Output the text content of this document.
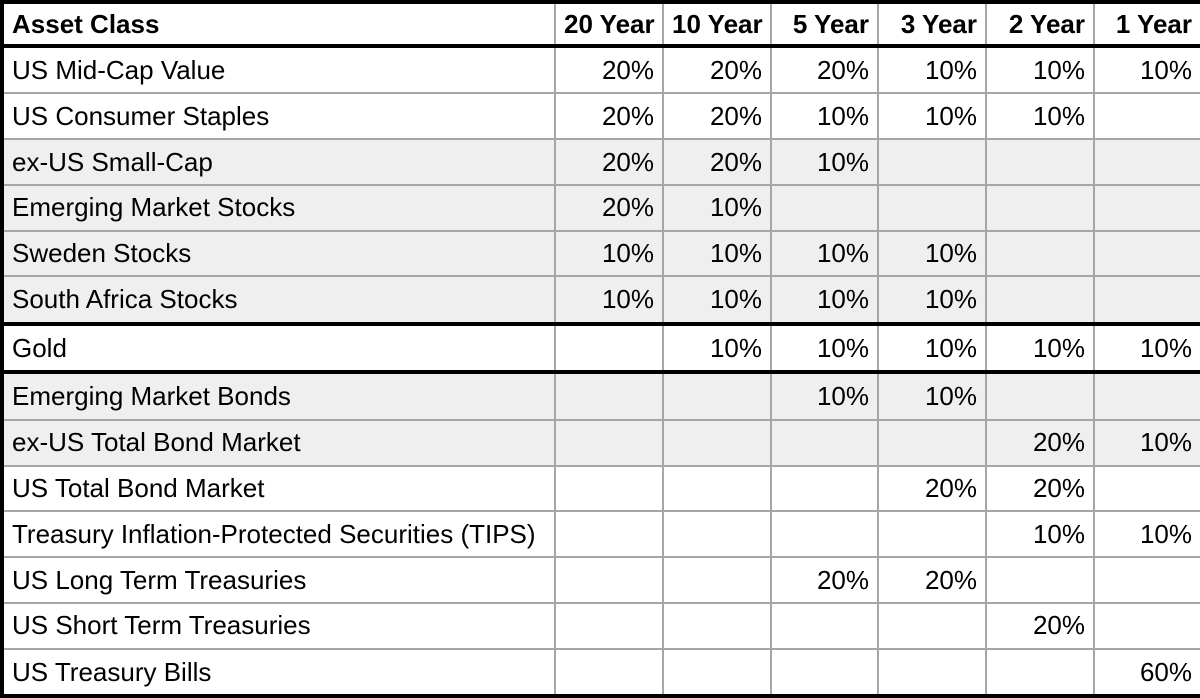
Asset Class	20 Year	10 Year	5 Year	3 Year	2 Year	1 Year
US Mid-Cap Value	20%	20%	20%	10%	10%	10%
US Consumer Staples	20%	20%	10%	10%	10%	
ex-US Small-Cap	20%	20%	10%			
Emerging Market Stocks	20%	10%				
Sweden Stocks	10%	10%	10%	10%		
South Africa Stocks	10%	10%	10%	10%		
Gold		10%	10%	10%	10%	10%
Emerging Market Bonds			10%	10%		
ex-US Total Bond Market					20%	10%
US Total Bond Market				20%	20%	
Treasury Inflation-Protected Securities (TIPS)					10%	10%
US Long Term Treasuries			20%	20%		
US Short Term Treasuries					20%	
US Treasury Bills						60%
